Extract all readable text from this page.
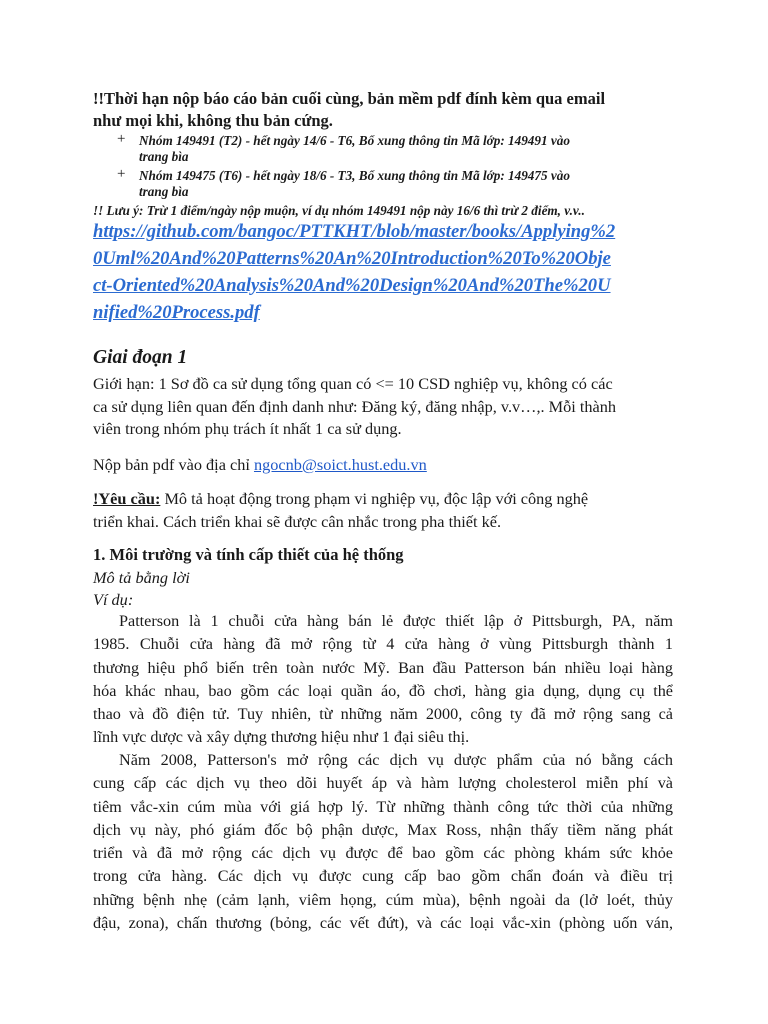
!!Thời hạn nộp báo cáo bản cuối cùng, bản mềm pdf đính kèm qua email

như mọi khi, không thu bản cứng.

+ Nhóm 149491 (T2) - hết ngày 14/6 - T6, Bổ xung thông tin Mã lớp: 149491 vào

trang bìa

+ Nhóm 149475 (T6) - hết ngày 18/6 - T3, Bổ xung thông tin Mã lớp: 149475 vào

trang bìa

!! Lưu ý: Trừ 1 điểm/ngày nộp muộn, ví dụ nhóm 149491 nộp này 16/6 thì trừ 2 điểm, v.v..

https://github.com/bangoc/PTTKHT/blob/master/books/Applying%2
0Uml%20And%20Patterns%20An%20Introduction%20To%20Obje
ct-Oriented%20Analysis%20And%20Design%20And%20The%20U
nified%20Process.pdf

Giai đoạn 1

Giới hạn: 1 Sơ đồ ca sử dụng tổng quan có <= 10 CSD nghiệp vụ, không có các
ca sử dụng liên quan đến định danh như: Đăng ký, đăng nhập, v.v…,. Mỗi thành
viên trong nhóm phụ trách ít nhất 1 ca sử dụng.

Nộp bản pdf vào địa chỉ ngocnb@soict.hust.edu.vn

!Yêu cầu: Mô tả hoạt động trong phạm vi nghiệp vụ, độc lập với công nghệ
triển khai. Cách triển khai sẽ được cân nhắc trong pha thiết kế.

1. Môi trường và tính cấp thiết của hệ thống

Mô tả bằng lời

Ví dụ:

Patterson là 1 chuỗi cửa hàng bán lẻ được thiết lập ở Pittsburgh, PA, năm
1985. Chuỗi cửa hàng đã mở rộng từ 4 cửa hàng ở vùng Pittsburgh thành 1
thương hiệu phổ biến trên toàn nước Mỹ. Ban đầu Patterson bán nhiều loại hàng
hóa khác nhau, bao gồm các loại quần áo, đồ chơi, hàng gia dụng, dụng cụ thể
thao và đồ điện tử. Tuy nhiên, từ những năm 2000, công ty đã mở rộng sang cả
lĩnh vực dược và xây dựng thương hiệu như 1 đại siêu thị.
Năm 2008, Patterson's mở rộng các dịch vụ dược phẩm của nó bằng cách
cung cấp các dịch vụ theo dõi huyết áp và hàm lượng cholesterol miễn phí và
tiêm vắc-xin cúm mùa với giá hợp lý. Từ những thành công tức thời của những
dịch vụ này, phó giám đốc bộ phận dược, Max Ross, nhận thấy tiềm năng phát
triển và đã mở rộng các dịch vụ được để bao gồm các phòng khám sức khỏe
trong cửa hàng. Các dịch vụ được cung cấp bao gồm chẩn đoán và điều trị
những bệnh nhẹ (cảm lạnh, viêm họng, cúm mùa), bệnh ngoài da (lở loét, thủy
đậu, zona), chấn thương (bỏng, các vết đứt), và các loại vắc-xin (phòng uốn ván,
